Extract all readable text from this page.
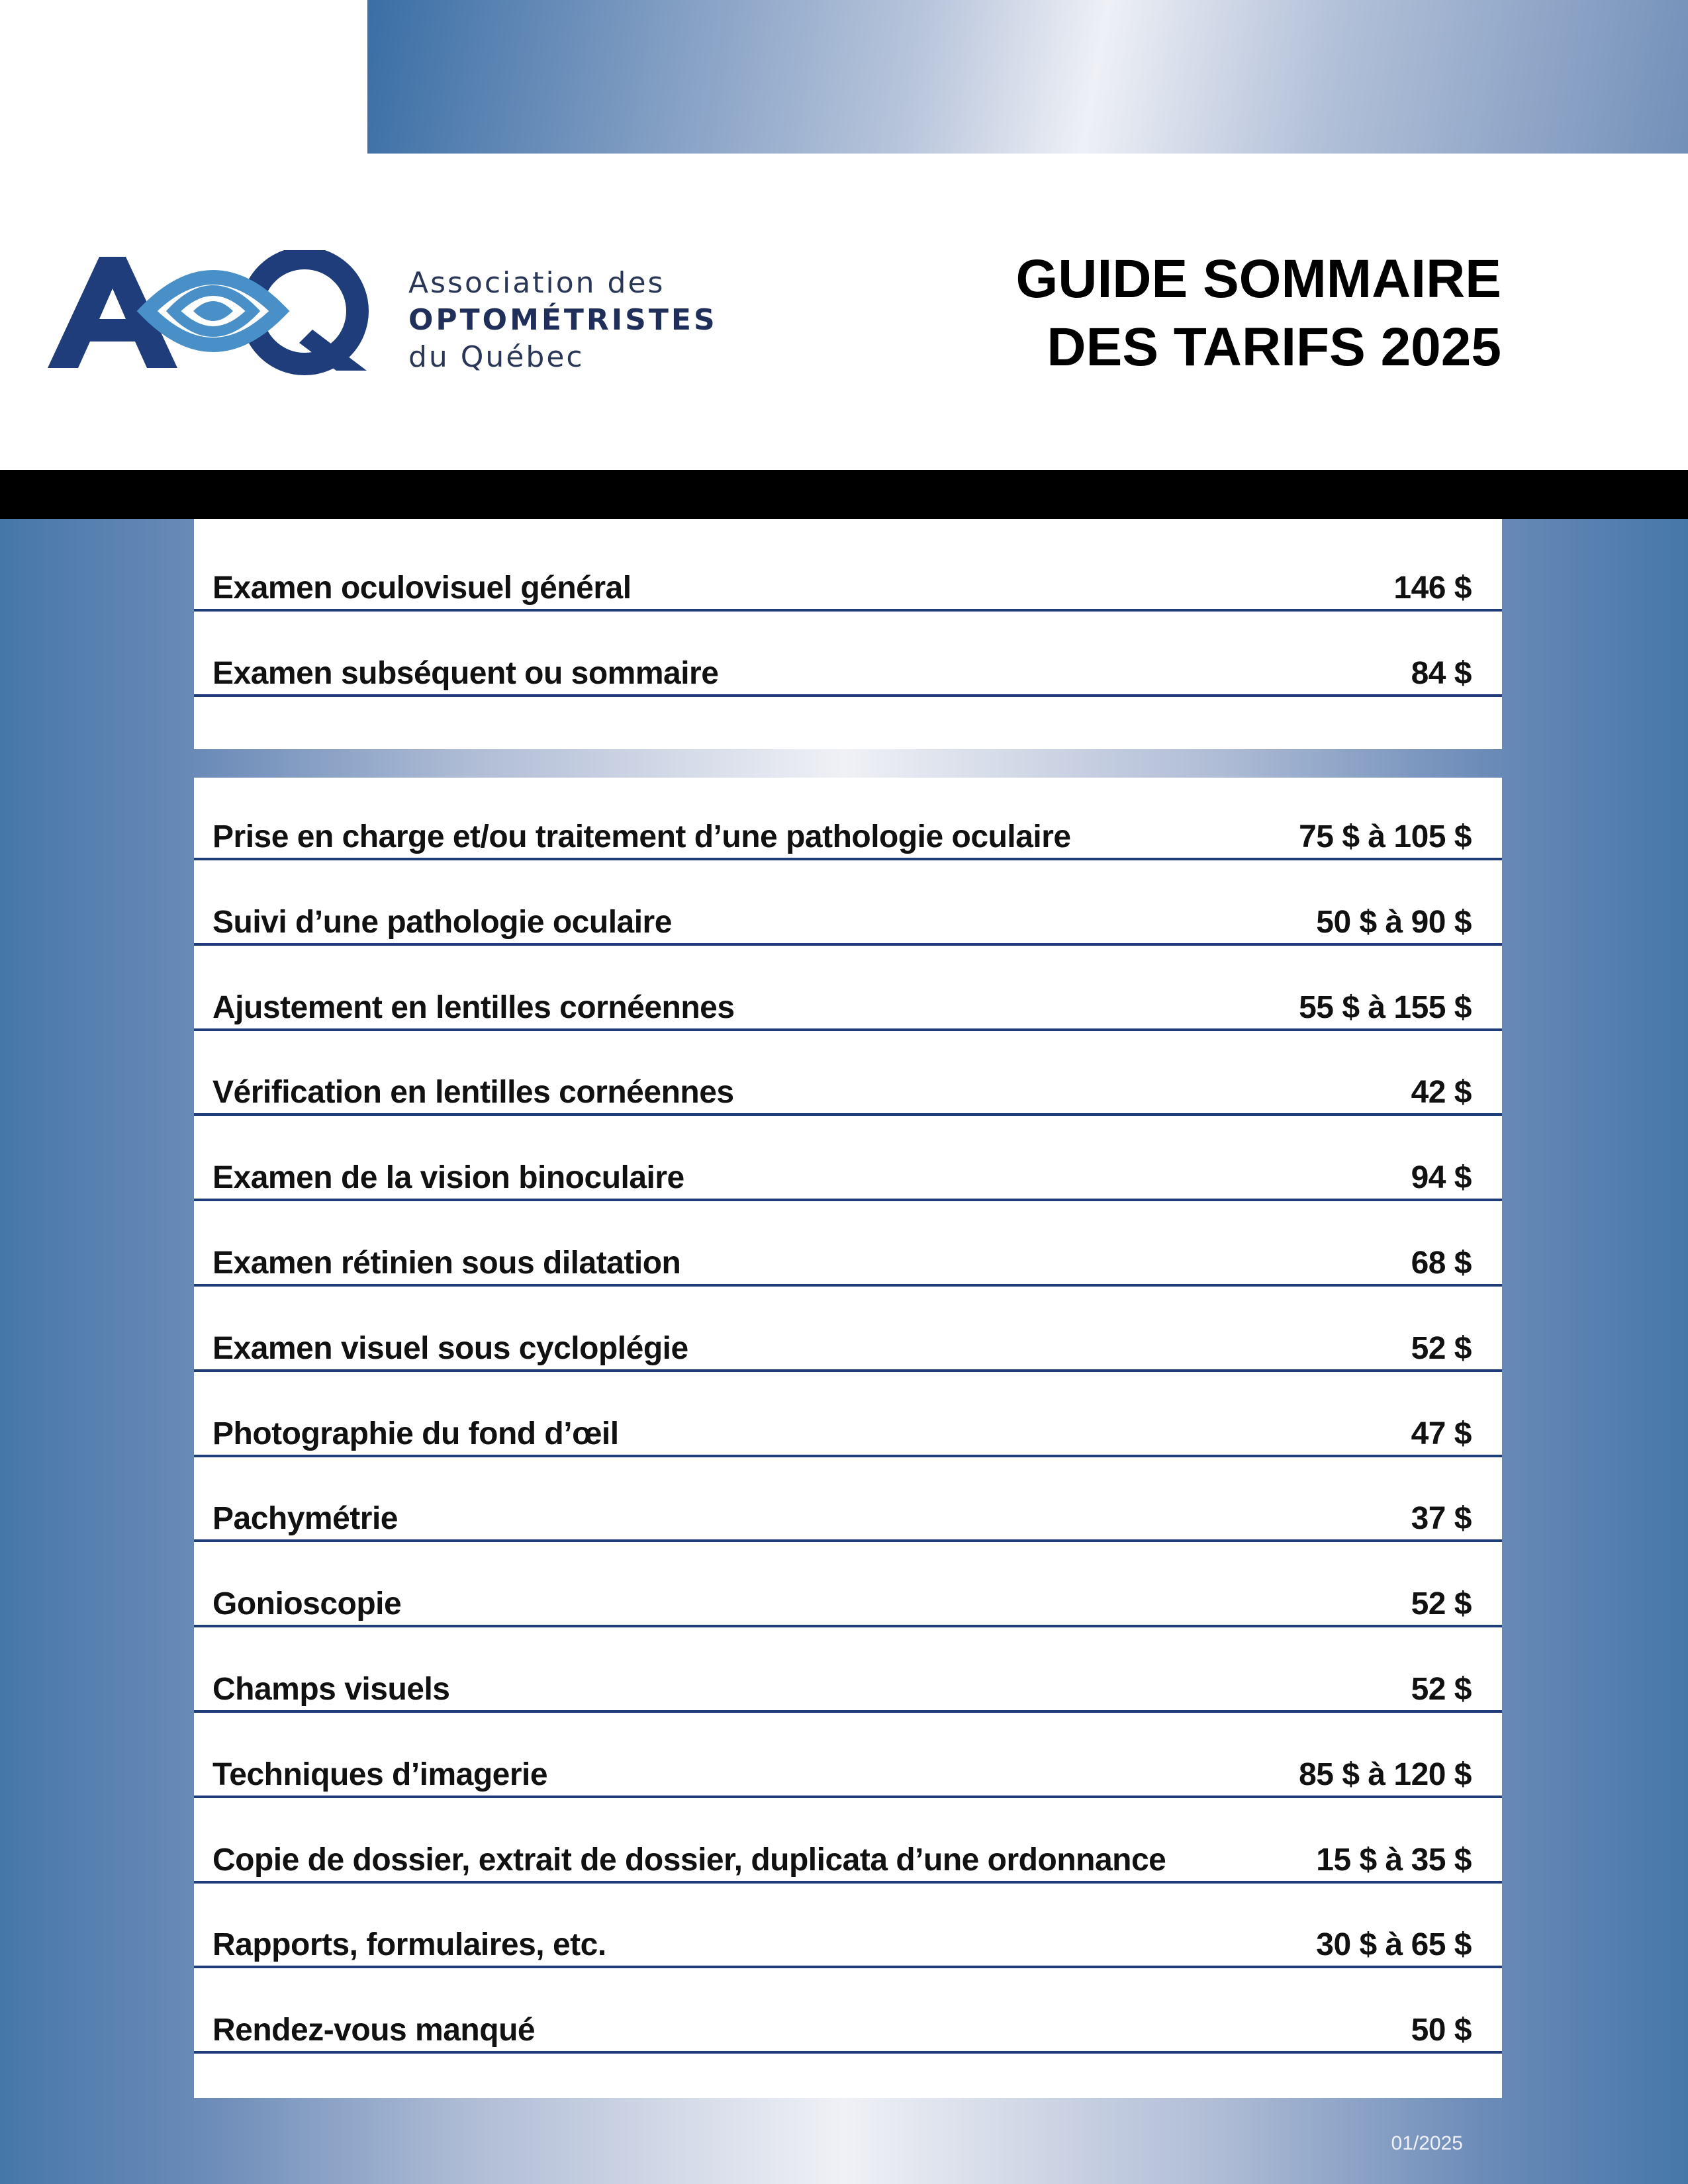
Association des
OPTOMÉTRISTES
du Québec
GUIDE SOMMAIRE
DES TARIFS 2025
Examen oculovisuel général	146 $
Examen subséquent ou sommaire	84 $
Prise en charge et/ou traitement d’une pathologie oculaire	75 $ à 105 $
Suivi d’une pathologie oculaire	50 $ à 90 $
Ajustement en lentilles cornéennes	55 $ à 155 $
Vérification en lentilles cornéennes	42 $
Examen de la vision binoculaire	94 $
Examen rétinien sous dilatation	68 $
Examen visuel sous cycloplégie	52 $
Photographie du fond d’œil	47 $
Pachymétrie	37 $
Gonioscopie	52 $
Champs visuels	52 $
Techniques d’imagerie	85 $ à 120 $
Copie de dossier, extrait de dossier, duplicata d’une ordonnance	15 $ à 35 $
Rapports, formulaires, etc.	30 $ à 65 $
Rendez-vous manqué	50 $
01/2025
